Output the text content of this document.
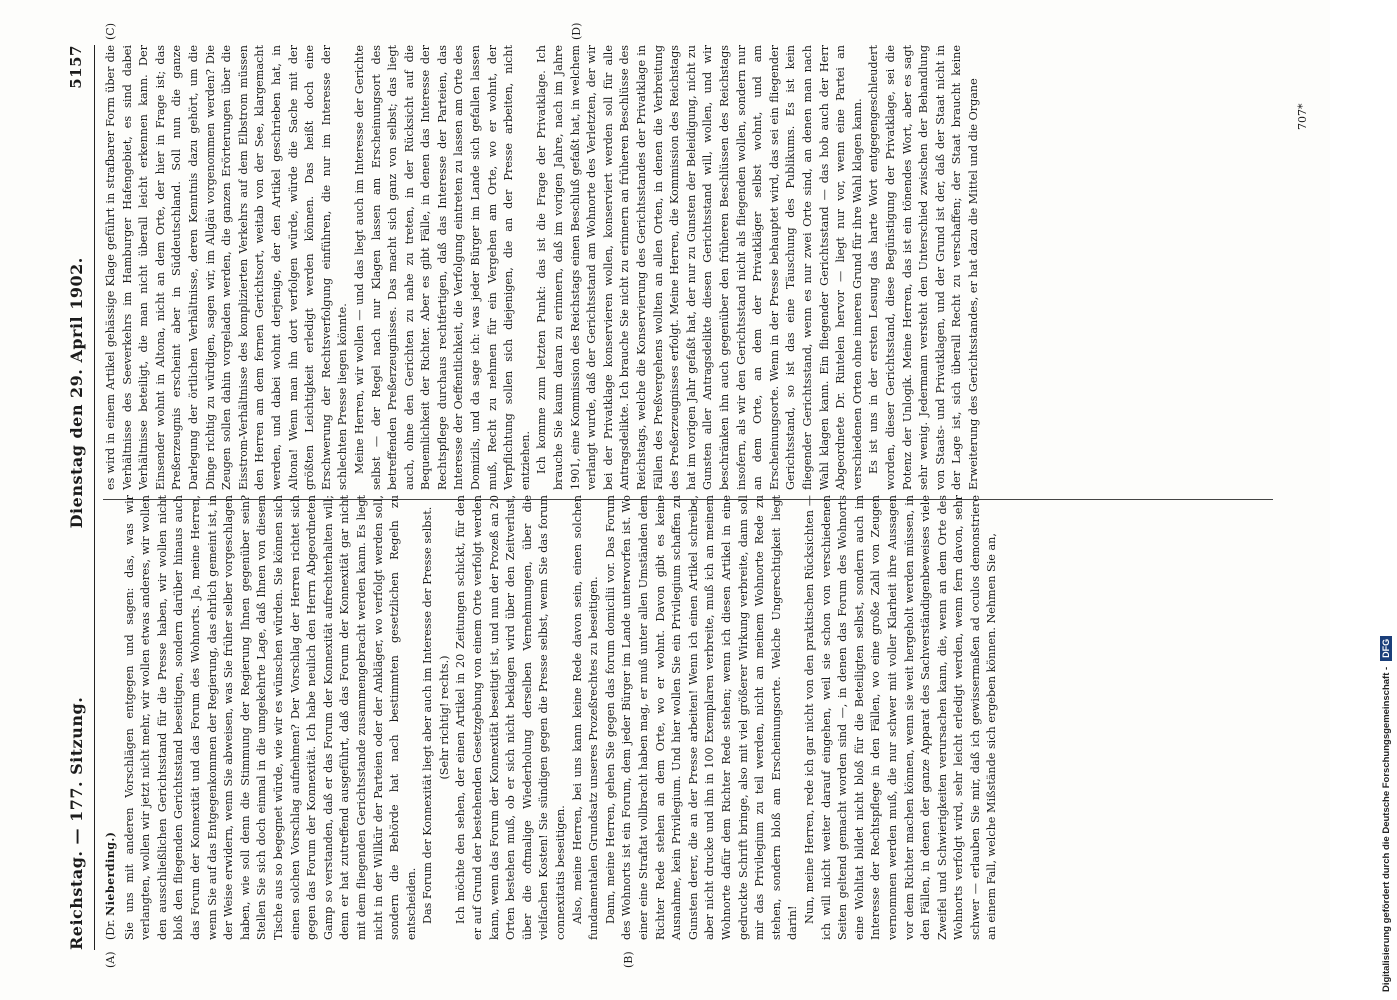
Reichstag. — 177. Sitzung.
Dienstag den 29. April 1902.
5157
(A)	(B)
(C)	(D)
(Dr. Nieberding.) Sie uns mit anderen Vorschlägen entgegen und sagen: das, was wir verlangten, wollen wir jetzt nicht mehr, wir wollen etwas anderes, wir wollen den ausschließlichen Gerichtsstand für die Presse haben, wir wollen nicht bloß den fliegenden Gerichtsstand beseitigen, sondern darüber hinaus auch das Forum der Konnexität und das Forum des Wohnorts. Ja, meine Herren, wenn Sie auf das Entgegenkommen der Regierung, das ehrlich gemeint ist, in der Weise erwidern, wenn Sie abweisen, was Sie früher selber vorgeschlagen haben, wie soll denn die Stimmung der Regierung Ihnen gegenüber sein? Stellen Sie sich doch einmal in die umgekehrte Lage, daß Ihnen von diesem Tische aus so begegnet würde, wie wir es wünschen würden. Sie können sich einen solchen Vorschlag aufnehmen? Der Vorschlag der Herren richtet sich gegen das Forum der Konnexität. Ich habe neulich den Herrn Abgeordneten Gamp so verstanden, daß er das Forum der Konnexität aufrechterhalten will; denn er hat zutreffend ausgeführt, daß das Forum der Konnexität gar nicht mit dem fliegenden Gerichtsstande zusammengebracht werden kann. Es liegt nicht in der Willkür der Parteien oder der Ankläger, wo verfolgt werden soll, sondern die Behörde hat nach bestimmten gesetzlichen Regeln zu entscheiden. Das Forum der Konnexität liegt aber auch im Interesse der Presse selbst. (Sehr richtig! rechts.) Ich möchte den sehen, der einen Artikel in 20 Zeitungen schickt, für den er auf Grund der bestehenden Gesetzgebung von einem Orte verfolgt werden kann, wenn das Forum der Konnexität beseitigt ist, und nun der Prozeß an 20 Orten bestehen muß, ob er sich nicht beklagen wird über den Zeitverlust, über die oftmalige Wiederholung derselben Vernehmungen, über die vielfachen Kosten! Sie sündigen gegen die Presse selbst, wenn Sie das forum connexitatis beseitigen. Also, meine Herren, bei uns kann keine Rede davon sein, einen solchen fundamentalen Grundsatz unseres Prozeßrechtes zu beseitigen. Dann, meine Herren, gehen Sie gegen das forum domicilii vor. Das Forum des Wohnorts ist ein Forum, dem jeder Bürger im Lande unterworfen ist. Wo einer eine Straftat vollbracht haben mag, er muß unter allen Umständen dem Richter Rede stehen an dem Orte, wo er wohnt. Davon gibt es keine Ausnahme, kein Privilegium. Und hier wollen Sie ein Privilegium schaffen zu Gunsten derer, die an der Presse arbeiten! Wenn ich einen Artikel schreibe, aber nicht drucke und ihn in 100 Exemplaren verbreite, muß ich an meinem Wohnorte dafür dem Richter Rede stehen; wenn ich diesen Artikel in eine gedruckte Schrift bringe, also mit viel größerer Wirkung verbreite, dann soll mir das Privilegium zu teil werden, nicht an meinem Wohnorte Rede zu stehen, sondern bloß am Erscheinungsorte. Welche Ungerechtigkeit liegt darin! Nun, meine Herren, rede ich gar nicht von den praktischen Rücksichten — ich will nicht weiter darauf eingehen, weil sie schon von verschiedenen Seiten geltend gemacht worden sind —, in denen das Forum des Wohnorts eine Wohltat bildet nicht bloß für die Beteiligten selbst, sondern auch im Interesse der Rechtspflege in den Fällen, wo eine große Zahl von Zeugen vernommen werden muß, die nur schwer mit voller Klarheit ihre Aussagen vor dem Richter machen können, wenn sie weit hergeholt werden müssen, in den Fällen, in denen der ganze Apparat des Sachverständigenbeweises viele Zweifel und Schwierigkeiten verursachen kann, die, wenn an dem Orte des Wohnorts verfolgt wird, sehr leicht erledigt werden, wenn fern davon, sehr schwer — erlauben Sie mir, daß ich gewissermaßen ad oculos demonstriere an einem Fall, welche Mißstände sich ergeben können. Nehmen Sie an,

es wird in einem Artikel gehässige Klage geführt in strafbarer Form über die Verhältnisse des Seeverkehrs im Hamburger Hafengebiet, es sind dabei Verhältnisse beteiligt, die man nicht überall leicht erkennen kann. Der Einsender wohnt in Altona, nicht an dem Orte, der hier in Frage ist; das Preßerzeugnis erscheint aber in Süddeutschland. Soll nun die ganze Darlegung der örtlichen Verhältnisse, deren Kenntnis dazu gehört, um die Dinge richtig zu würdigen, sagen wir, im Allgäu vorgenommen werden? Die Zeugen sollen dahin vorgeladen werden, die ganzen Erörterungen über die Eisstrom-Verhältnisse des komplizierten Verkehrs auf dem Elbstrom müssen den Herren am dem fernen Gerichtsort, weitab von der See, klargemacht werden, und dabei wohnt derjenige, der den Artikel geschrieben hat, in Altona! Wenn man ihn dort verfolgen würde, würde die Sache mit der größten Leichtigkeit erledigt werden können. Das heißt doch eine Erschwerung der Rechtsverfolgung einführen, die nur im Interesse der schlechten Presse liegen könnte. Meine Herren, wir wollen — und das liegt auch im Interesse der Gerichte selbst — der Regel nach nur Klagen lassen am Erscheinungsort des betreffenden Preßerzeugnisses. Das macht sich ganz von selbst; das liegt auch, ohne den Gerichten zu nahe zu treten, in der Rücksicht auf die Bequemlichkeit der Richter. Aber es gibt Fälle, in denen das Interesse der Rechtspflege durchaus rechtfertigen, daß das Interesse der Parteien, das Interesse der Oeffentlichkeit, die Verfolgung eintreten zu lassen am Orte des Domizils, und da sage ich: was jeder Bürger im Lande sich gefallen lassen muß, Recht zu nehmen für ein Vergehen am Orte, wo er wohnt, der Verpflichtung sollen sich diejenigen, die an der Presse arbeiten, nicht entziehen. Ich komme zum letzten Punkt: das ist die Frage der Privatklage. Ich brauche Sie kaum daran zu erinnern, daß im vorigen Jahre, nach im Jahre 1901, eine Kommission des Reichstags einen Beschluß gefaßt hat, in welchem verlangt wurde, daß der Gerichtsstand am Wohnorte des Verletzten, der wir bei der Privatklage konservieren wollen, konserviert werden soll für alle Antragsdelikte. Ich brauche Sie nicht zu erinnern an früheren Beschlüsse des Reichstags, welche die Konservierung des Gerichtsstandes der Privatklage in Fällen des Preßvergehens wollten an allen Orten, in denen die Verbreitung des Preßerzeugnisses erfolgt. Meine Herren, die Kommission des Reichstags hat im vorigen Jahr gefaßt hat, der nur zu Gunsten der Beleidigung, nicht zu Gunsten aller Antragsdelikte diesen Gerichtsstand will, wollen, und wir beschränken ihn auch gegenüber den früheren Beschlüssen des Reichstags insofern, als wir den Gerichtsstand nicht als fliegenden wollen, sondern nur an dem Orte, an dem der Privatkläger selbst wohnt, und am Erscheinungsorte. Wenn in der Presse behauptet wird, das sei ein fliegender Gerichtsstand, so ist das eine Täuschung des Publikums. Es ist kein fliegender Gerichtsstand, wenn es nur zwei Orte sind, an denen man nach Wahl klagen kann. Ein fliegender Gerichtsstand — das hob auch der Herr Abgeordnete Dr. Rintelen hervor — liegt nur vor, wenn eine Partei an verschiedenen Orten ohne inneren Grund für ihre Wahl klagen kann. Es ist uns in der ersten Lesung das harte Wort entgegengeschleudert worden, dieser Gerichtsstand, diese Begünstigung der Privatklage, sei die Potenz der Unlogik. Meine Herren, das ist ein tönendes Wort, aber es sagt sehr wenig. Jedermann versteht den Unterschied zwischen der Behandlung von Staats- und Privatklagen, und der Grund ist der, daß der Staat nicht in der Lage ist, sich überall Recht zu verschaffen; der Staat braucht keine Erweiterung des Gerichtsstandes, er hat dazu die Mittel und die Organe	707*
Digitalisierung gefördert durch die Deutsche Forschungsgemeinschaft -
DFG
